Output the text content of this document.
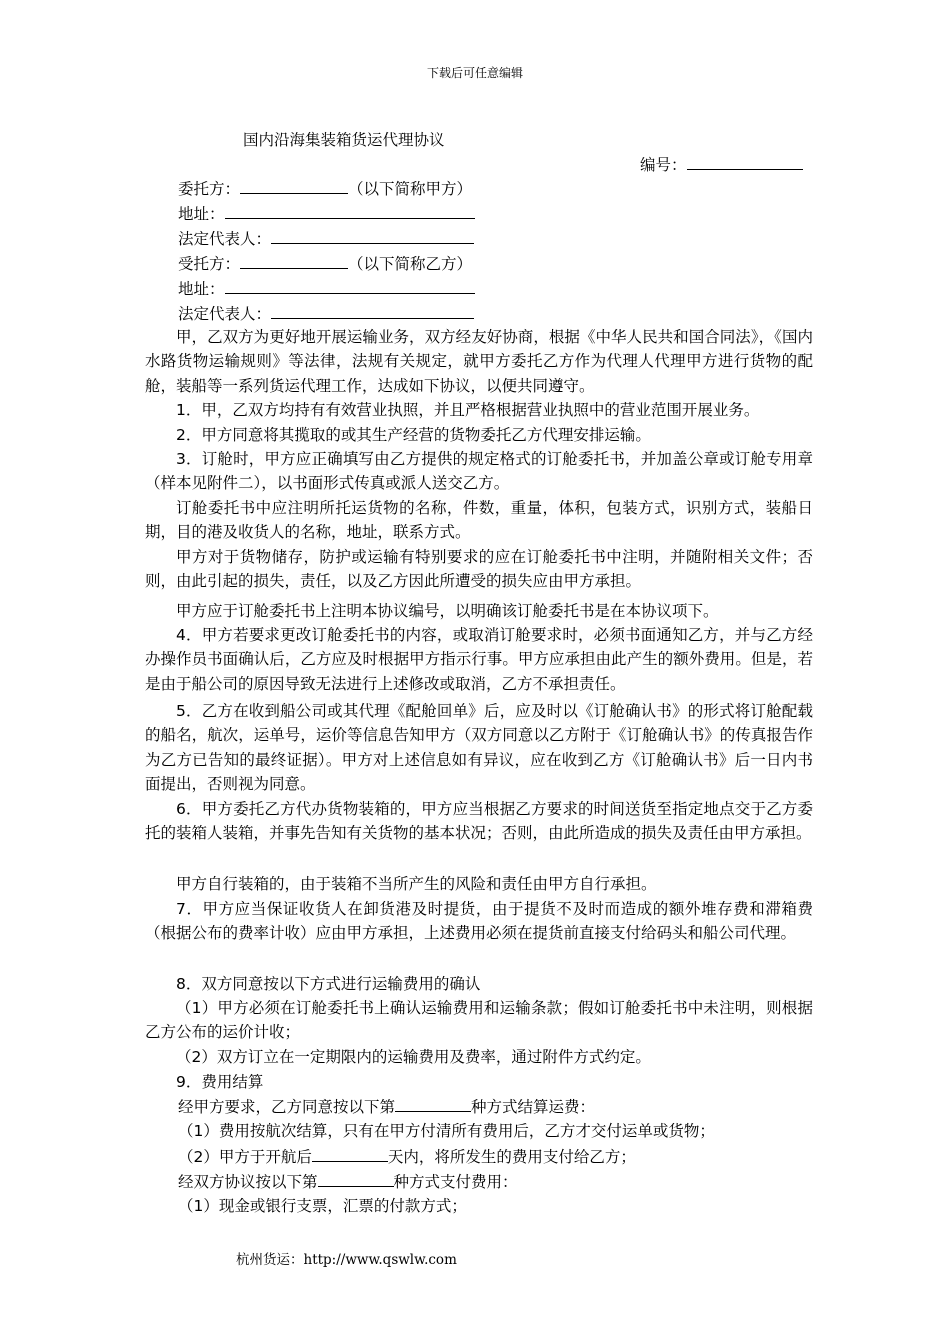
下载后可任意编辑
国内沿海集装箱货运代理协议
编号：
委托方：	（以下简称甲方）
地址：
法定代表人：
受托方：	（以下简称乙方）
地址：
法定代表人：
甲，乙双方为更好地开展运输业务，双方经友好协商，根据《中华人民共和国合同法》，《国内水路货物运输规则》等法律，法规有关规定，就甲方委托乙方作为代理人代理甲方进行货物的配舱，装船等一系列货运代理工作，达成如下协议，以便共同遵守。
1．甲，乙双方均持有有效营业执照，并且严格根据营业执照中的营业范围开展业务。
2．甲方同意将其揽取的或其生产经营的货物委托乙方代理安排运输。
3．订舱时，甲方应正确填写由乙方提供的规定格式的订舱委托书，并加盖公章或订舱专用章（样本见附件二），以书面形式传真或派人送交乙方。
订舱委托书中应注明所托运货物的名称，件数，重量，体积，包装方式，识别方式，装船日期，目的港及收货人的名称，地址，联系方式。
甲方对于货物储存，防护或运输有特别要求的应在订舱委托书中注明，并随附相关文件；否则，由此引起的损失，责任，以及乙方因此所遭受的损失应由甲方承担。
甲方应于订舱委托书上注明本协议编号，以明确该订舱委托书是在本协议项下。
4．甲方若要求更改订舱委托书的内容，或取消订舱要求时，必须书面通知乙方，并与乙方经办操作员书面确认后，乙方应及时根据甲方指示行事。甲方应承担由此产生的额外费用。但是，若是由于船公司的原因导致无法进行上述修改或取消，乙方不承担责任。
5．乙方在收到船公司或其代理《配舱回单》后，应及时以《订舱确认书》的形式将订舱配载的船名，航次，运单号，运价等信息告知甲方（双方同意以乙方附于《订舱确认书》的传真报告作为乙方已告知的最终证据）。甲方对上述信息如有异议，应在收到乙方《订舱确认书》后一日内书面提出，否则视为同意。
6．甲方委托乙方代办货物装箱的，甲方应当根据乙方要求的时间送货至指定地点交于乙方委托的装箱人装箱，并事先告知有关货物的基本状况；否则，由此所造成的损失及责任由甲方承担。
甲方自行装箱的，由于装箱不当所产生的风险和责任由甲方自行承担。
7．甲方应当保证收货人在卸货港及时提货，由于提货不及时而造成的额外堆存费和滞箱费（根据公布的费率计收）应由甲方承担，上述费用必须在提货前直接支付给码头和船公司代理。
8．双方同意按以下方式进行运输费用的确认
（1）甲方必须在订舱委托书上确认运输费用和运输条款；假如订舱委托书中未注明，则根据乙方公布的运价计收；
（2）双方订立在一定期限内的运输费用及费率，通过附件方式约定。
9．费用结算
经甲方要求，乙方同意按以下第	种方式结算运费：
（1）费用按航次结算，只有在甲方付清所有费用后，乙方才交付运单或货物；
（2）甲方于开航后	天内，将所发生的费用支付给乙方；
经双方协议按以下第	种方式支付费用：
（1）现金或银行支票，汇票的付款方式；
杭州货运：http://www.qswlw.com
